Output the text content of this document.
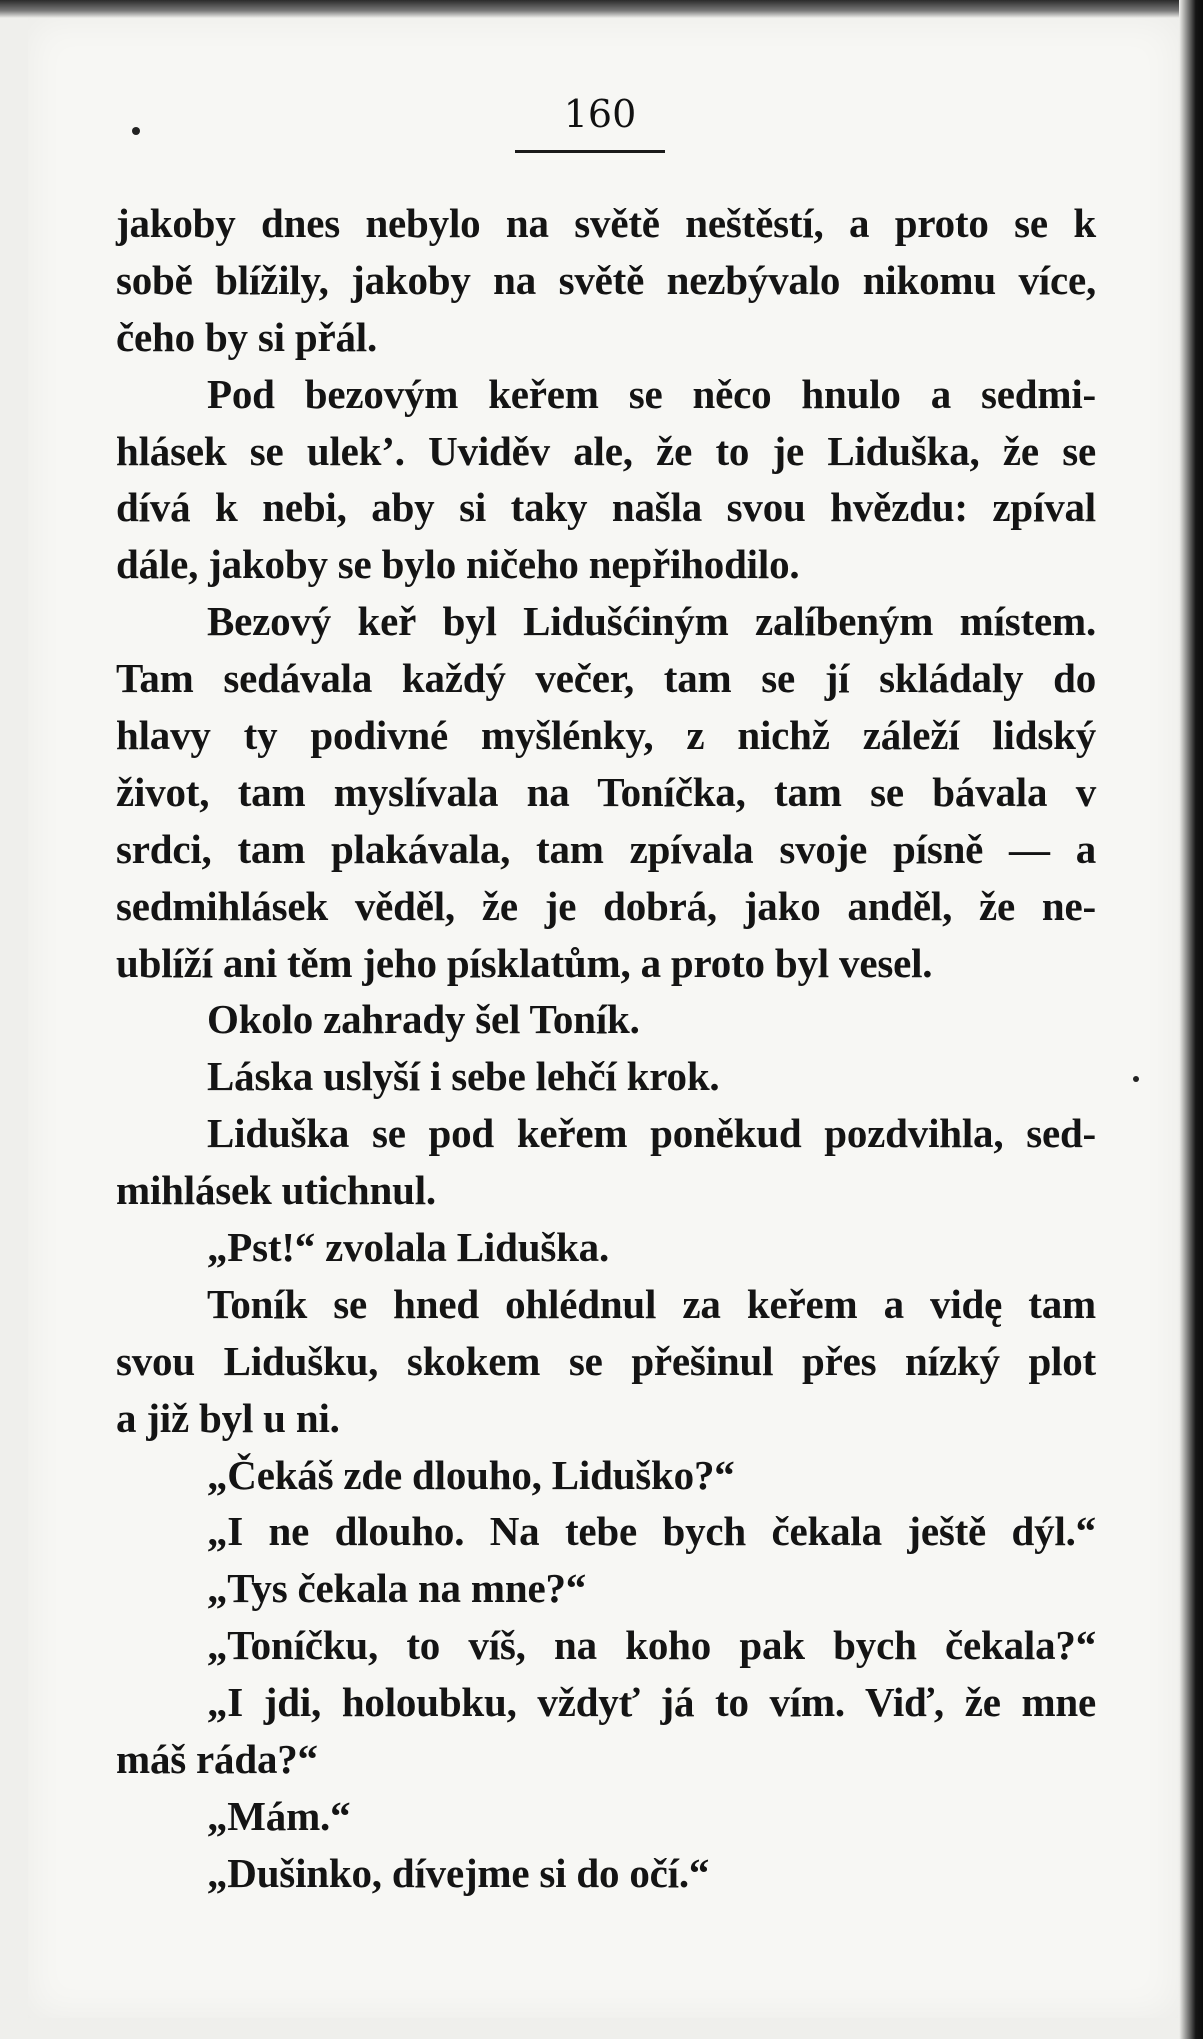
160
jakoby dnes nebylo na světě neštěstí, a proto se k
sobě blížily, jakoby na světě nezbývalo nikomu více,
čeho by si přál.
Pod bezovým keřem se něco hnulo a sedmi-
hlásek se ulek’. Uviděv ale, že to je Liduška, že se
dívá k nebi, aby si taky našla svou hvězdu: zpíval
dále, jakoby se bylo ničeho nepřihodilo.
Bezový keř byl Lidušćiným zalíbeným místem.
Tam sedávala každý večer, tam se jí skládaly do
hlavy ty podivné myšlénky, z nichž záleží lidský
život, tam myslívala na Toníčka, tam se bávala v
srdci, tam plakávala, tam zpívala svoje písně — a
sedmihlásek věděl, že je dobrá, jako anděl, že ne-
ublíží ani těm jeho písklatům, a proto byl vesel.
Okolo zahrady šel Toník.
Láska uslyší i sebe lehčí krok.
Liduška se pod keřem poněkud pozdvihla, sed-
mihlásek utichnul.
„Pst!“ zvolala Liduška.
Toník se hned ohlédnul za keřem a vidę tam
svou Lidušku, skokem se přešinul přes nízký plot
a již byl u ni.
„Čekáš zde dlouho, Liduško?“
„I ne dlouho. Na tebe bych čekala ještě dýl.“
„Tys čekala na mne?“
„Toníčku, to víš, na koho pak bych čekala?“
„I jdi, holoubku, vždyť já to vím. Viď, že mne
máš ráda?“
„Mám.“
„Dušinko, dívejme si do očí.“
